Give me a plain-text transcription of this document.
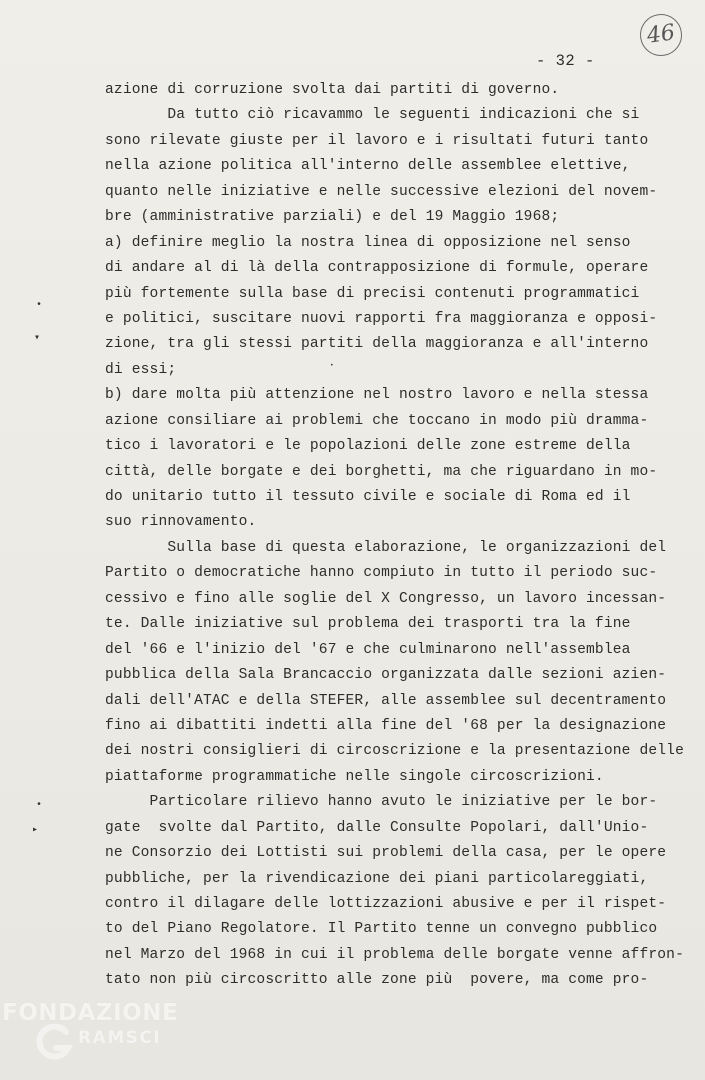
46
- 32 -
azione di corruzione svolta dai partiti di governo.
Da tutto ciò ricavammo le seguenti indicazioni che si
sono rilevate giuste per il lavoro e i risultati futuri tanto
nella azione politica all'interno delle assemblee elettive,
quanto nelle iniziative e nelle successive elezioni del novem-
bre (amministrative parziali) e del 19 Maggio 1968;
a) definire meglio la nostra linea di opposizione nel senso
di andare al di là della contrapposizione di formule, operare
più fortemente sulla base di precisi contenuti programmatici
e politici, suscitare nuovi rapporti fra maggioranza e opposi-
zione, tra gli stessi partiti della maggioranza e all'interno
di essi;
b) dare molta più attenzione nel nostro lavoro e nella stessa
azione consiliare ai problemi che toccano in modo più dramma-
tico i lavoratori e le popolazioni delle zone estreme della
città, delle borgate e dei borghetti, ma che riguardano in mo-
do unitario tutto il tessuto civile e sociale di Roma ed il
suo rinnovamento.
Sulla base di questa elaborazione, le organizzazioni del
Partito o democratiche hanno compiuto in tutto il periodo suc-
cessivo e fino alle soglie del X Congresso, un lavoro incessan-
te. Dalle iniziative sul problema dei trasporti tra la fine
del '66 e l'inizio del '67 e che culminarono nell'assemblea
pubblica della Sala Brancaccio organizzata dalle sezioni azien-
dali dell'ATAC e della STEFER, alle assemblee sul decentramento
fino ai dibattiti indetti alla fine del '68 per la designazione
dei nostri consiglieri di circoscrizione e la presentazione delle
piattaforme programmatiche nelle singole circoscrizioni.
Particolare rilievo hanno avuto le iniziative per le bor-
gate  svolte dal Partito, dalle Consulte Popolari, dall'Unio-
ne Consorzio dei Lottisti sui problemi della casa, per le opere
pubbliche, per la rivendicazione dei piani particolareggiati,
contro il dilagare delle lottizzazioni abusive e per il rispet-
to del Piano Regolatore. Il Partito tenne un convegno pubblico
nel Marzo del 1968 in cui il problema delle borgate venne affron-
tato non più circoscritto alle zone più  povere, ma come pro-
•
▾
•
▸
•
FONDAZIONE
RAMSCI
onlus
